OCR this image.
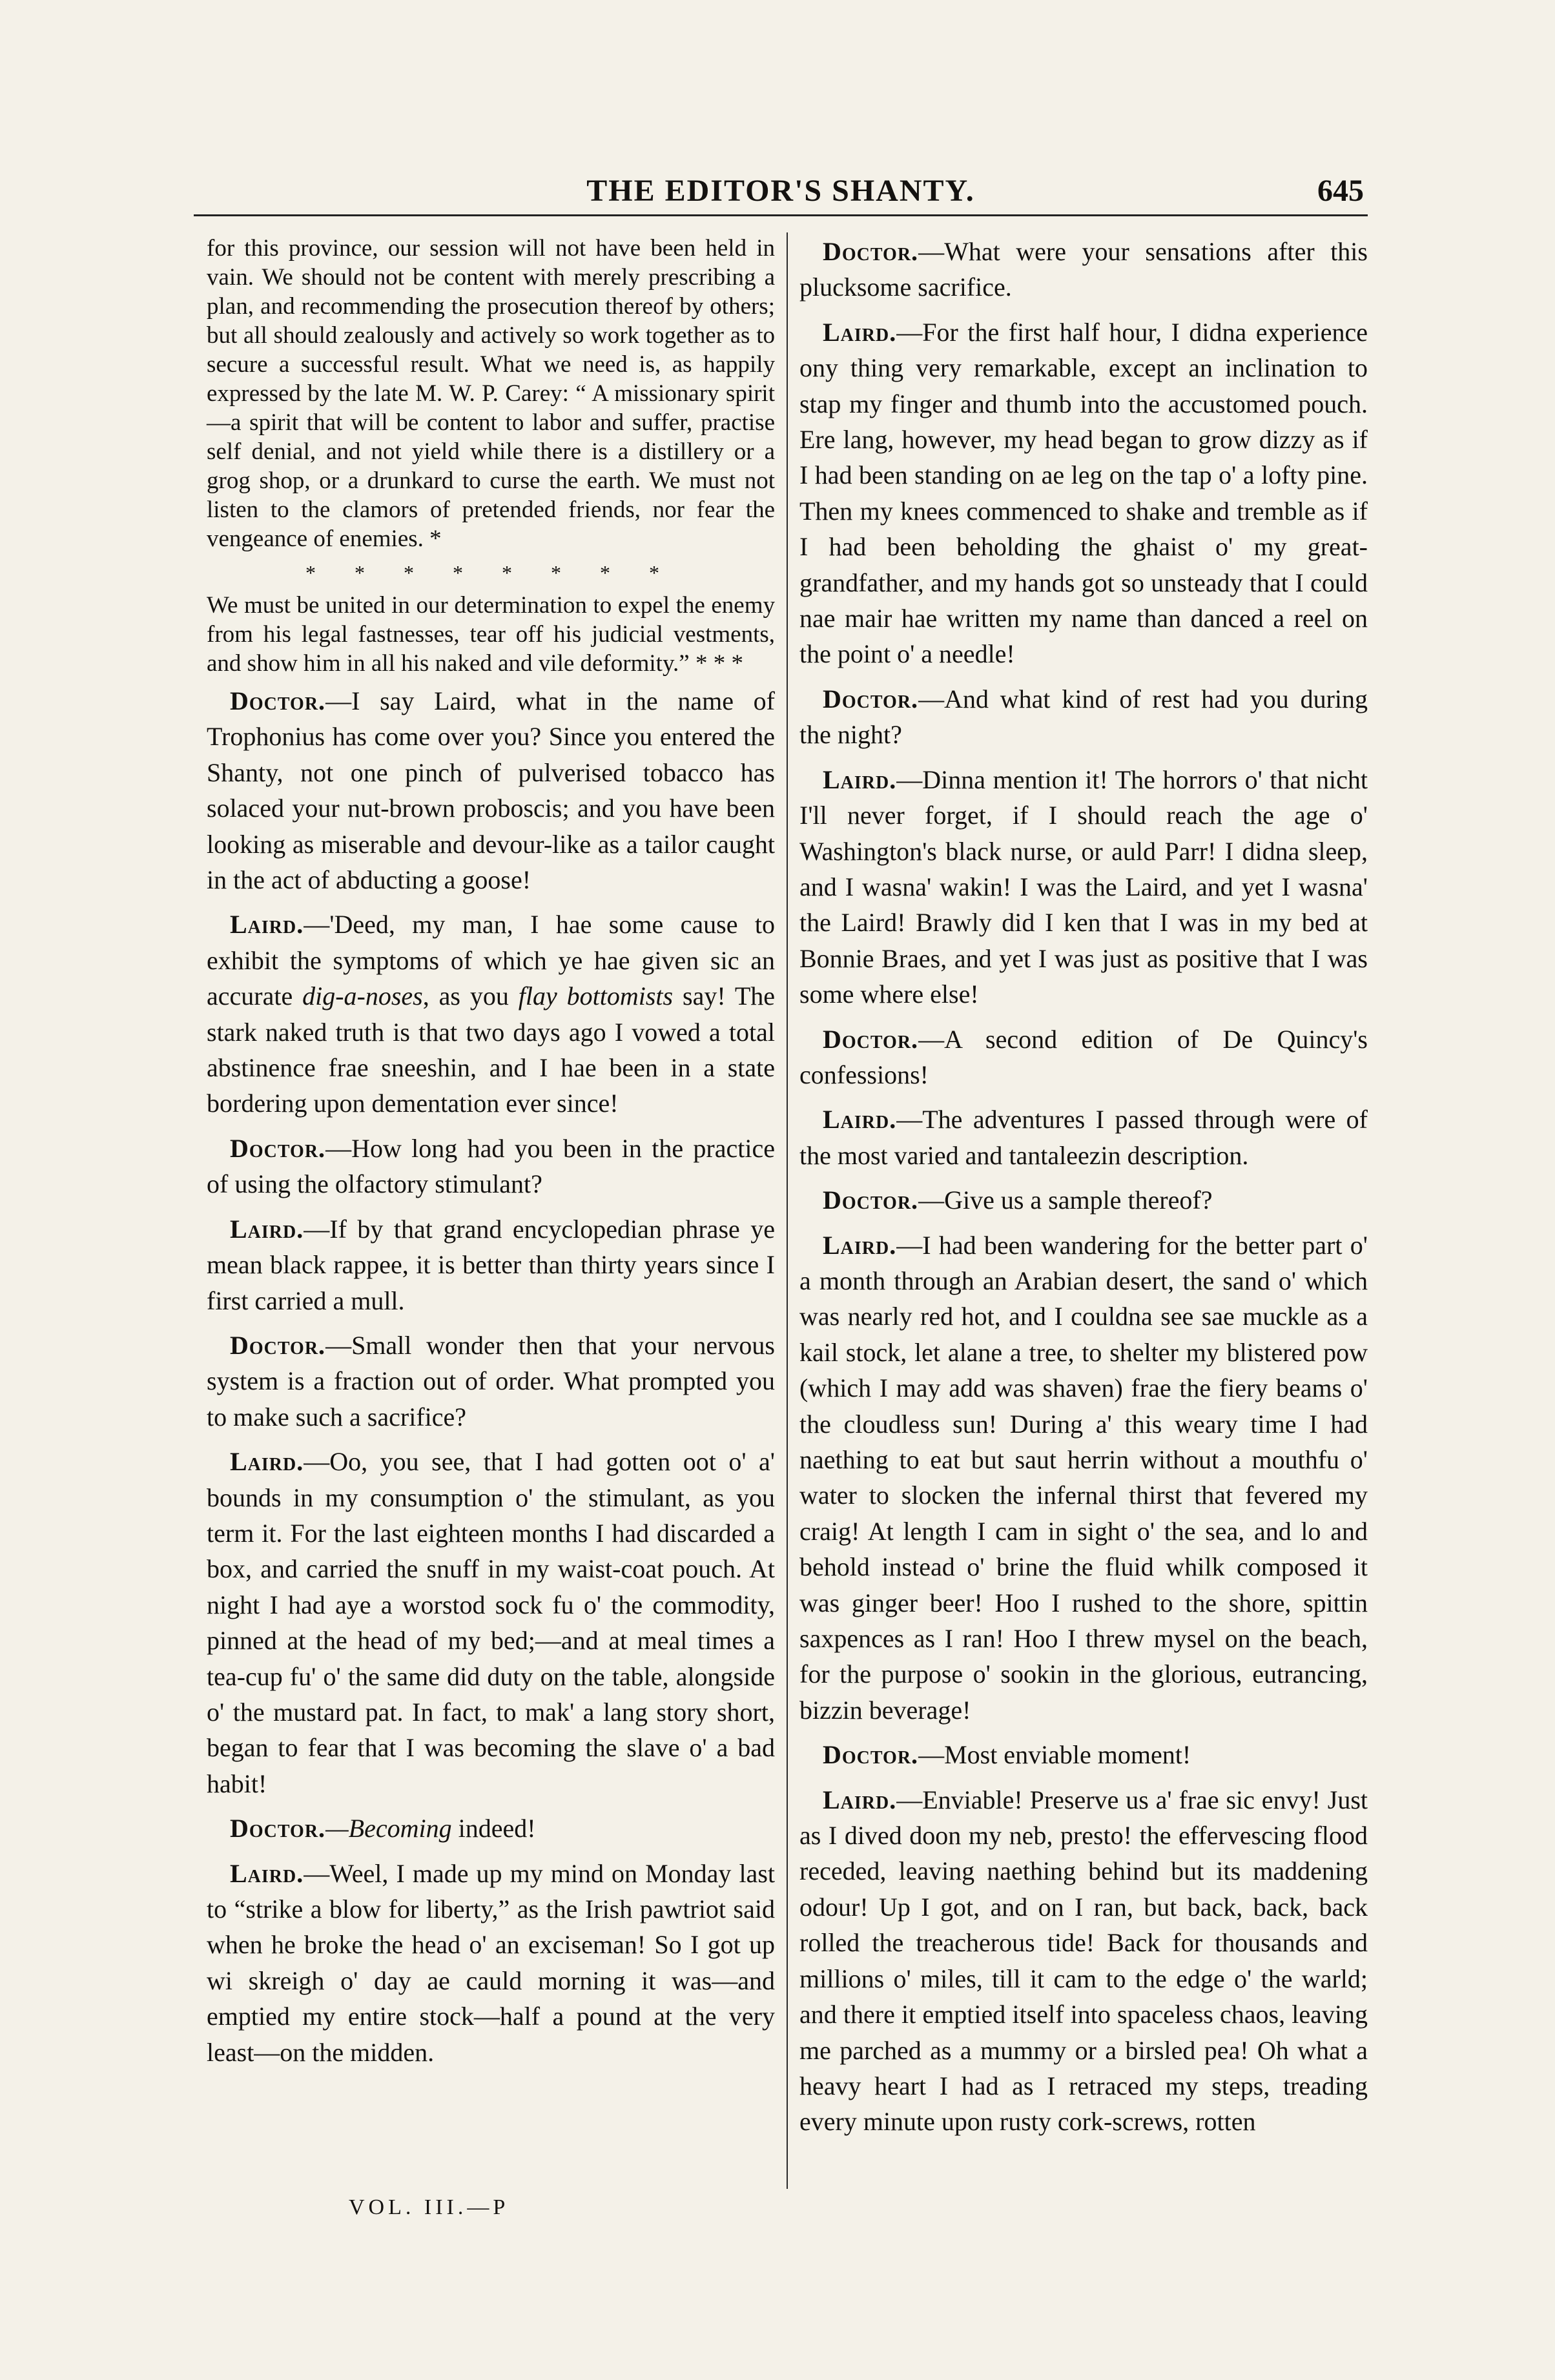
THE EDITOR'S SHANTY.	645

for this province, our session will not have been held in vain. We should not be content with merely prescribing a plan, and recommending the prosecution thereof by others; but all should zealously and actively so work together as to secure a successful result. What we need is, as happily expressed by the late M. W. P. Carey: “ A missionary spirit—a spirit that will be content to labor and suffer, practise self denial, and not yield while there is a distillery or a grog shop, or a drunkard to curse the earth. We must not listen to the clamors of pretended friends, nor fear the vengeance of enemies. *

* * * * * * * *

We must be united in our determination to expel the enemy from his legal fastnesses, tear off his judicial vestments, and show him in all his naked and vile deformity.” * * *

Doctor.—I say Laird, what in the name of Trophonius has come over you? Since you entered the Shanty, not one pinch of pulverised tobacco has solaced your nut-brown proboscis; and you have been looking as miserable and devour-like as a tailor caught in the act of abducting a goose!

Laird.—'Deed, my man, I hae some cause to exhibit the symptoms of which ye hae given sic an accurate dig-a-noses, as you flay bottomists say! The stark naked truth is that two days ago I vowed a total abstinence frae sneeshin, and I hae been in a state bordering upon dementation ever since!

Doctor.—How long had you been in the practice of using the olfactory stimulant?

Laird.—If by that grand encyclopedian phrase ye mean black rappee, it is better than thirty years since I first carried a mull.

Doctor.—Small wonder then that your nervous system is a fraction out of order. What prompted you to make such a sacrifice?

Laird.—Oo, you see, that I had gotten oot o' a' bounds in my consumption o' the stimulant, as you term it. For the last eighteen months I had discarded a box, and carried the snuff in my waist-coat pouch. At night I had aye a worstod sock fu o' the commodity, pinned at the head of my bed;—and at meal times a tea-cup fu' o' the same did duty on the table, alongside o' the mustard pat. In fact, to mak' a lang story short, began to fear that I was becoming the slave o' a bad habit!

Doctor.—Becoming indeed!

Laird.—Weel, I made up my mind on Monday last to “strike a blow for liberty,” as the Irish pawtriot said when he broke the head o' an exciseman! So I got up wi skreigh o' day ae cauld morning it was—and emptied my entire stock—half a pound at the very least—on the midden.

Doctor.—What were your sensations after this plucksome sacrifice.

Laird.—For the first half hour, I didna experience ony thing very remarkable, except an inclination to stap my finger and thumb into the accustomed pouch. Ere lang, however, my head began to grow dizzy as if I had been standing on ae leg on the tap o' a lofty pine. Then my knees commenced to shake and tremble as if I had been beholding the ghaist o' my great-grandfather, and my hands got so unsteady that I could nae mair hae written my name than danced a reel on the point o' a needle!

Doctor.—And what kind of rest had you during the night?

Laird.—Dinna mention it! The horrors o' that nicht I'll never forget, if I should reach the age o' Washington's black nurse, or auld Parr! I didna sleep, and I wasna' wakin! I was the Laird, and yet I wasna' the Laird! Brawly did I ken that I was in my bed at Bonnie Braes, and yet I was just as positive that I was some where else!

Doctor.—A second edition of De Quincy's confessions!

Laird.—The adventures I passed through were of the most varied and tantaleezin description.

Doctor.—Give us a sample thereof?

Laird.—I had been wandering for the better part o' a month through an Arabian desert, the sand o' which was nearly red hot, and I couldna see sae muckle as a kail stock, let alane a tree, to shelter my blistered pow (which I may add was shaven) frae the fiery beams o' the cloudless sun! During a' this weary time I had naething to eat but saut herrin without a mouthfu o' water to slocken the infernal thirst that fevered my craig! At length I cam in sight o' the sea, and lo and behold instead o' brine the fluid whilk composed it was ginger beer! Hoo I rushed to the shore, spittin saxpences as I ran! Hoo I threw mysel on the beach, for the purpose o' sookin in the glorious, eutrancing, bizzin beverage!

Doctor.—Most enviable moment!

Laird.—Enviable! Preserve us a' frae sic envy! Just as I dived doon my neb, presto! the effervescing flood receded, leaving naething behind but its maddening odour! Up I got, and on I ran, but back, back, back rolled the treacherous tide! Back for thousands and millions o' miles, till it cam to the edge o' the warld; and there it emptied itself into spaceless chaos, leaving me parched as a mummy or a birsled pea! Oh what a heavy heart I had as I retraced my steps, treading every minute upon rusty cork-screws, rotten

VOL. III.—P
